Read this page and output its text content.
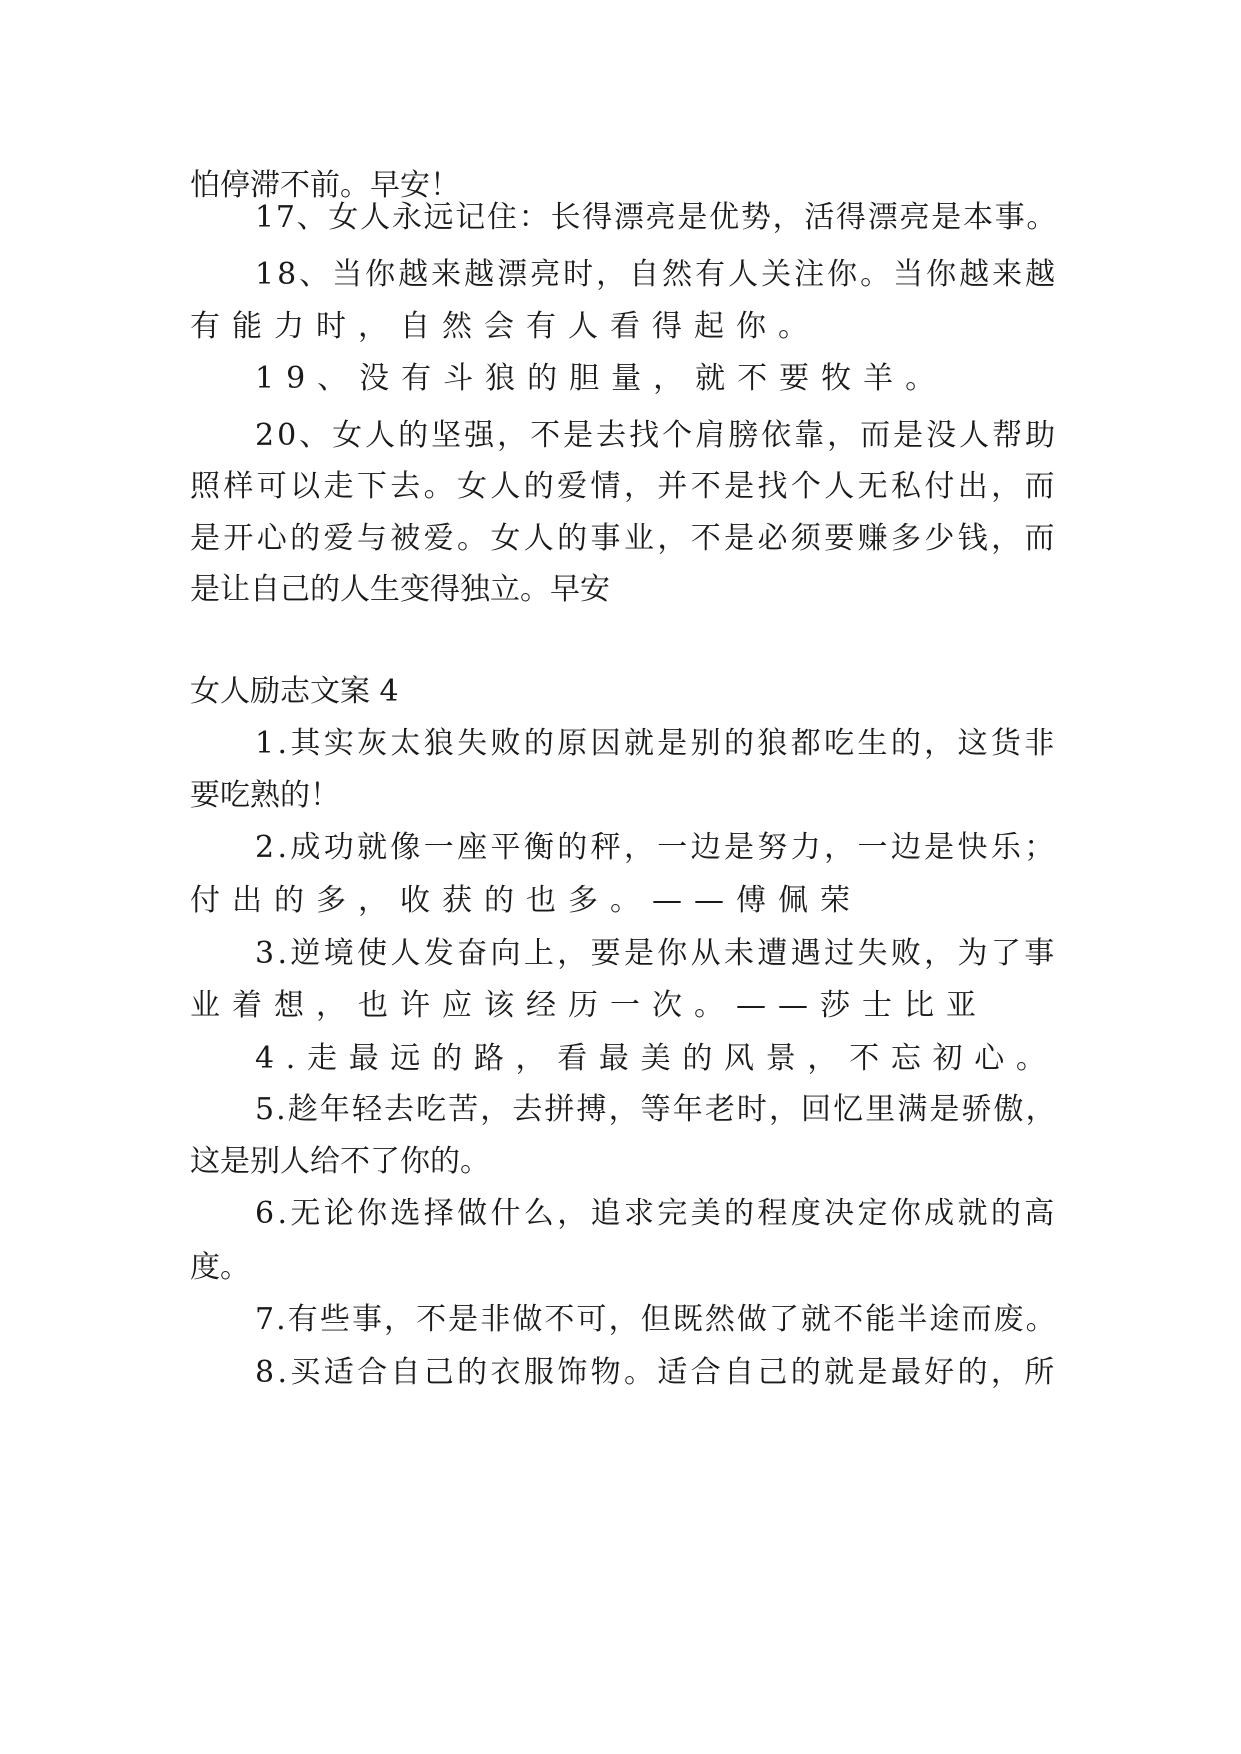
怕停滞不前。早安！

17、女人永远记住：长得漂亮是优势，活得漂亮是本事。

18、当你越来越漂亮时，自然有人关注你。当你越来越

有能力时，自然会有人看得起你。

19、没有斗狼的胆量，就不要牧羊。

20、女人的坚强，不是去找个肩膀依靠，而是没人帮助

照样可以走下去。女人的爱情，并不是找个人无私付出，而

是开心的爱与被爱。女人的事业，不是必须要赚多少钱，而

是让自己的人生变得独立。早安

女人励志文案 4

1.其实灰太狼失败的原因就是别的狼都吃生的，这货非

要吃熟的！

2.成功就像一座平衡的秤，一边是努力，一边是快乐；

付出的多，收获的也多。——傅佩荣

3.逆境使人发奋向上，要是你从未遭遇过失败，为了事

业着想，也许应该经历一次。——莎士比亚

4.走最远的路，看最美的风景，不忘初心。

5.趁年轻去吃苦，去拼搏，等年老时，回忆里满是骄傲，

这是别人给不了你的。

6.无论你选择做什么，追求完美的程度决定你成就的高

度。

7.有些事，不是非做不可，但既然做了就不能半途而废。

8.买适合自己的衣服饰物。适合自己的就是最好的，所
